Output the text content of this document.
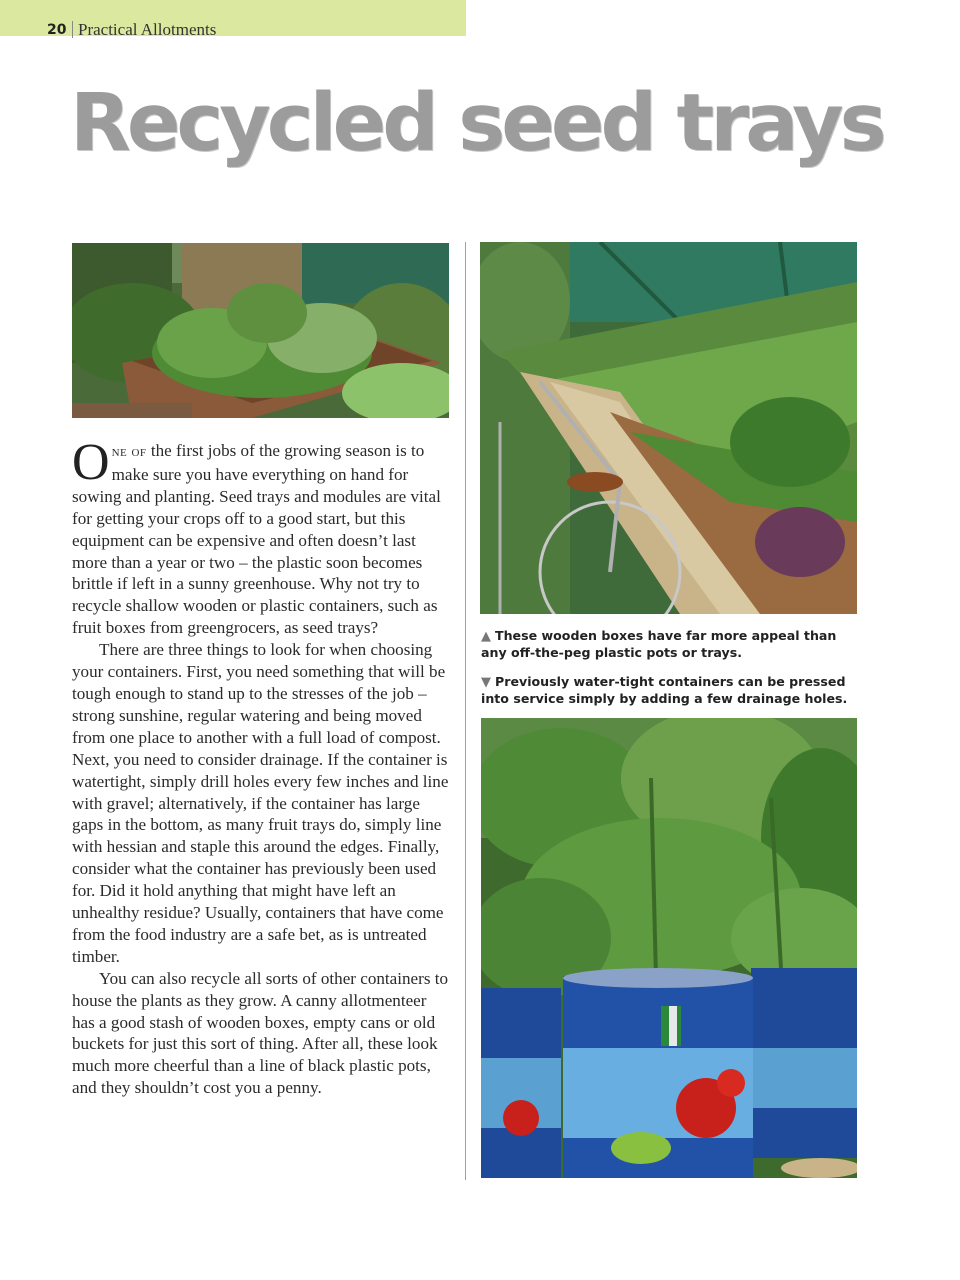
20 Practical Allotments
Recycled seed trays

One of the first jobs of the growing season is to make sure you have everything on hand for sowing and planting. Seed trays and modules are vital for getting your crops off to a good start, but this equipment can be expensive and often doesn’t last more than a year or two – the plastic soon becomes brittle if left in a sunny greenhouse. Why not try to recycle shallow wooden or plastic containers, such as fruit boxes from greengrocers, as seed trays?

There are three things to look for when choosing your containers. First, you need something that will be tough enough to stand up to the stresses of the job – strong sunshine, regular watering and being moved from one place to another with a full load of compost. Next, you need to consider drainage. If the container is watertight, simply drill holes every few inches and line with gravel; alternatively, if the container has large gaps in the bottom, as many fruit trays do, simply line with hessian and staple this around the edges. Finally, consider what the container has previously been used for. Did it hold anything that might have left an unhealthy residue? Usually, containers that have come from the food industry are a safe bet, as is untreated timber.

You can also recycle all sorts of other containers to house the plants as they grow. A canny allotmenteer has a good stash of wooden boxes, empty cans or old buckets for just this sort of thing. After all, these look much more cheerful than a line of black plastic pots, and they shouldn’t cost you a penny.

▲ These wooden boxes have far more appeal than any off-the-peg plastic pots or trays.
▼ Previously water-tight containers can be pressed into service simply by adding a few drainage holes.
